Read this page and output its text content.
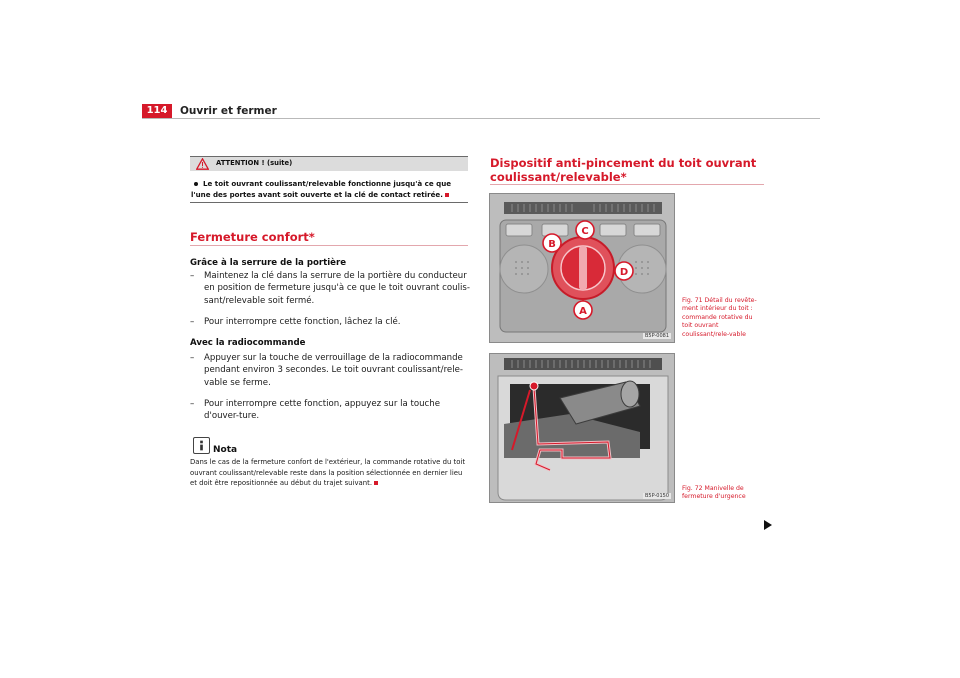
114	Ouvrir et fermer
ATTENTION ! (suite)
Le toit ouvrant coulissant/relevable fonctionne jusqu'à ce que l'une des portes avant soit ouverte et la clé de contact retirée.
Fermeture confort*
Grâce à la serrure de la portière
– Maintenez la clé dans la serrure de la portière du conducteur en position de fermeture jusqu'à ce que le toit ouvrant coulis-sant/relevable soit fermé.
– Pour interrompre cette fonction, lâchez la clé.
Avec la radiocommande
– Appuyer sur la touche de verrouillage de la radiocommande pendant environ 3 secondes. Le toit ouvrant coulissant/rele-vable se ferme.
– Pour interrompre cette fonction, appuyez sur la touche d'ouver-ture.
Nota
Dans le cas de la fermeture confort de l'extérieur, la commande rotative du toit ouvrant coulissant/relevable reste dans la position sélectionnée en dernier lieu et doit être repositionnée au début du trajet suivant.
Dispositif anti-pincement du toit ouvrant coulissant/relevable*
A
B
C
D
B5P-0081
Fig. 71 Détail du revête-ment intérieur du toit : commande rotative du toit ouvrant coulissant/rele-vable
B5P-0150
Fig. 72 Manivelle de fermeture d'urgence
